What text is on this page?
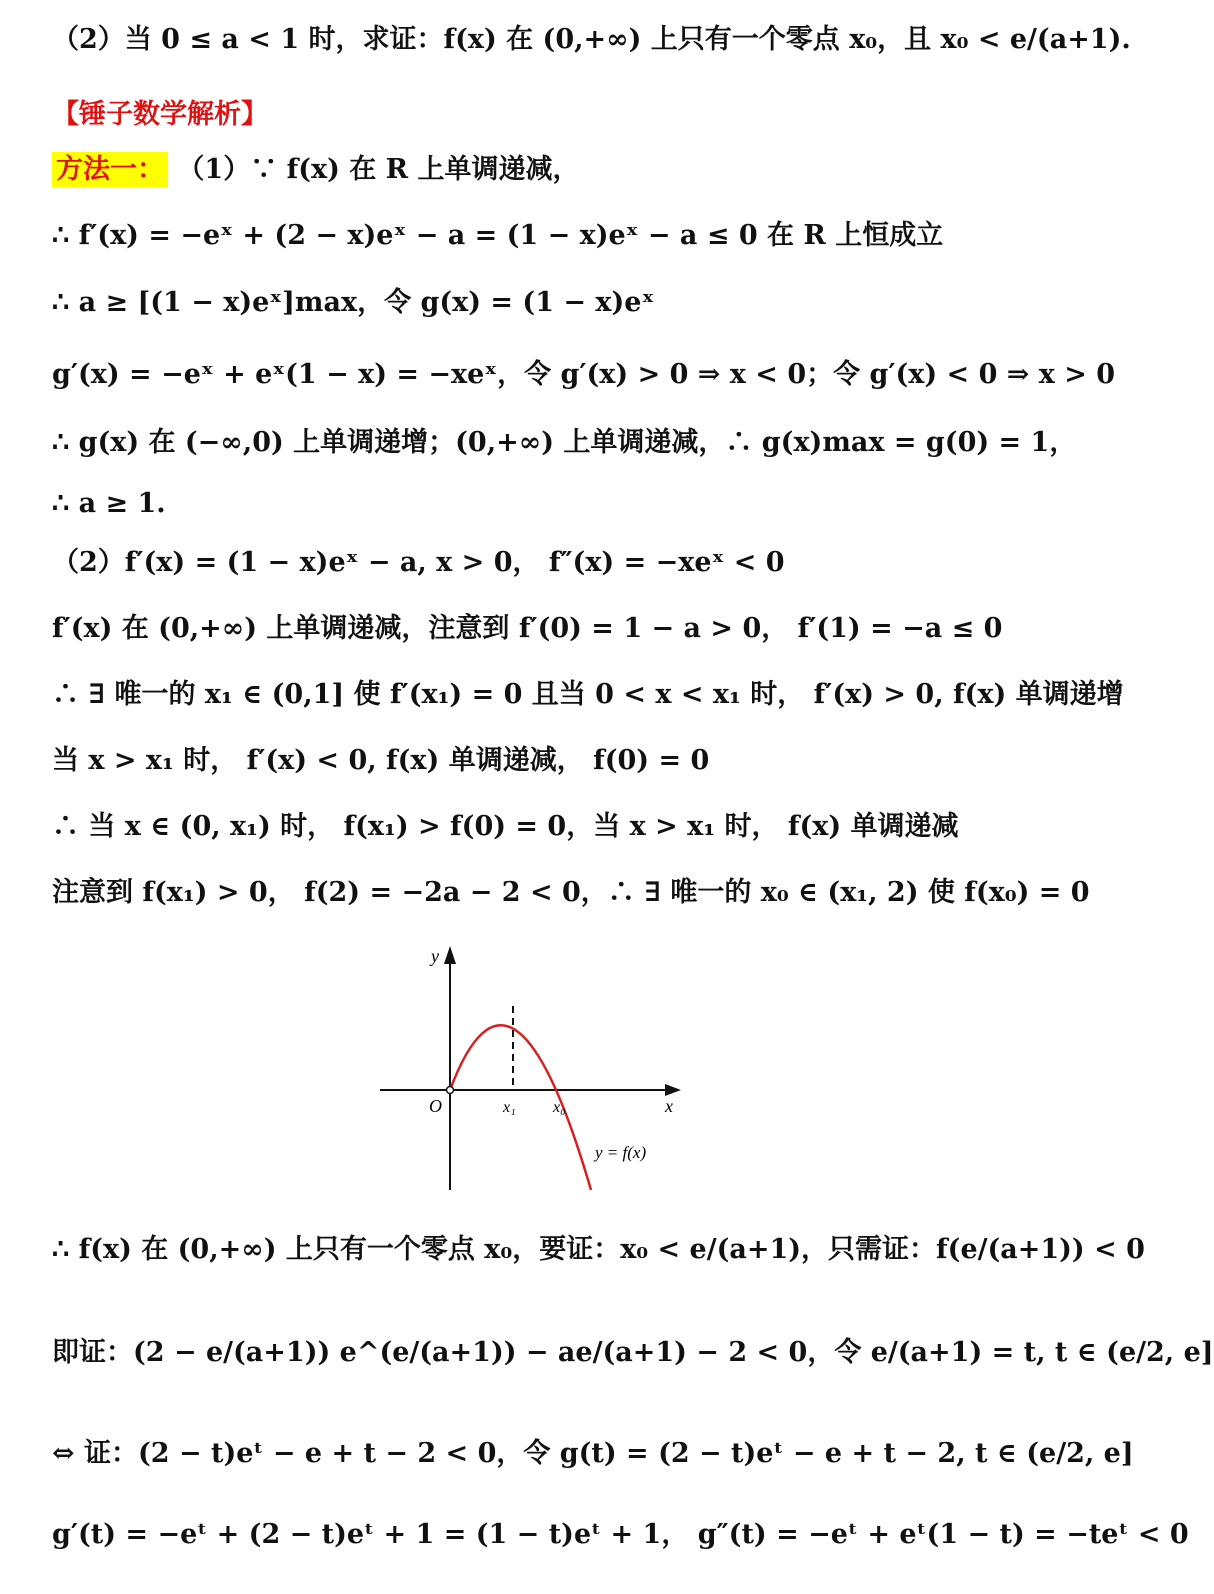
（2）当 0 ≤ a < 1 时，求证：f(x) 在 (0,+∞) 上只有一个零点 x₀，且 x₀ < e/(a+1).
【锤子数学解析】
方法一： （1）∵ f(x) 在 R 上单调递减，
∴ f′(x) = −eˣ + (2 − x)eˣ − a = (1 − x)eˣ − a ≤ 0 在 R 上恒成立
∴ a ≥ [(1 − x)eˣ]max，令 g(x) = (1 − x)eˣ
g′(x) = −eˣ + eˣ(1 − x) = −xeˣ，令 g′(x) > 0 ⇒ x < 0；令 g′(x) < 0 ⇒ x > 0
∴ g(x) 在 (−∞,0) 上单调递增；(0,+∞) 上单调递减，∴ g(x)max = g(0) = 1，
∴ a ≥ 1.
（2）f′(x) = (1 − x)eˣ − a, x > 0， f″(x) = −xeˣ < 0
f′(x) 在 (0,+∞) 上单调递减，注意到 f′(0) = 1 − a > 0， f′(1) = −a ≤ 0
∴ ∃ 唯一的 x₁ ∈ (0,1] 使 f′(x₁) = 0 且当 0 < x < x₁ 时， f′(x) > 0, f(x) 单调递增
当 x > x₁ 时， f′(x) < 0, f(x) 单调递减， f(0) = 0
∴ 当 x ∈ (0, x₁) 时， f(x₁) > f(0) = 0，当 x > x₁ 时， f(x) 单调递减
注意到 f(x₁) > 0， f(2) = −2a − 2 < 0，∴ ∃ 唯一的 x₀ ∈ (x₁, 2) 使 f(x₀) = 0
y
x
O	x₁ x₀
y = f(x)
∴ f(x) 在 (0,+∞) 上只有一个零点 x₀，要证：x₀ < e/(a+1)，只需证：f(e/(a+1)) < 0
即证：(2 − e/(a+1)) e^(e/(a+1)) − ae/(a+1) − 2 < 0，令 e/(a+1) = t, t ∈ (e/2, e]
⇔ 证：(2 − t)eᵗ − e + t − 2 < 0，令 g(t) = (2 − t)eᵗ − e + t − 2, t ∈ (e/2, e]
g′(t) = −eᵗ + (2 − t)eᵗ + 1 = (1 − t)eᵗ + 1， g″(t) = −eᵗ + eᵗ(1 − t) = −teᵗ < 0
